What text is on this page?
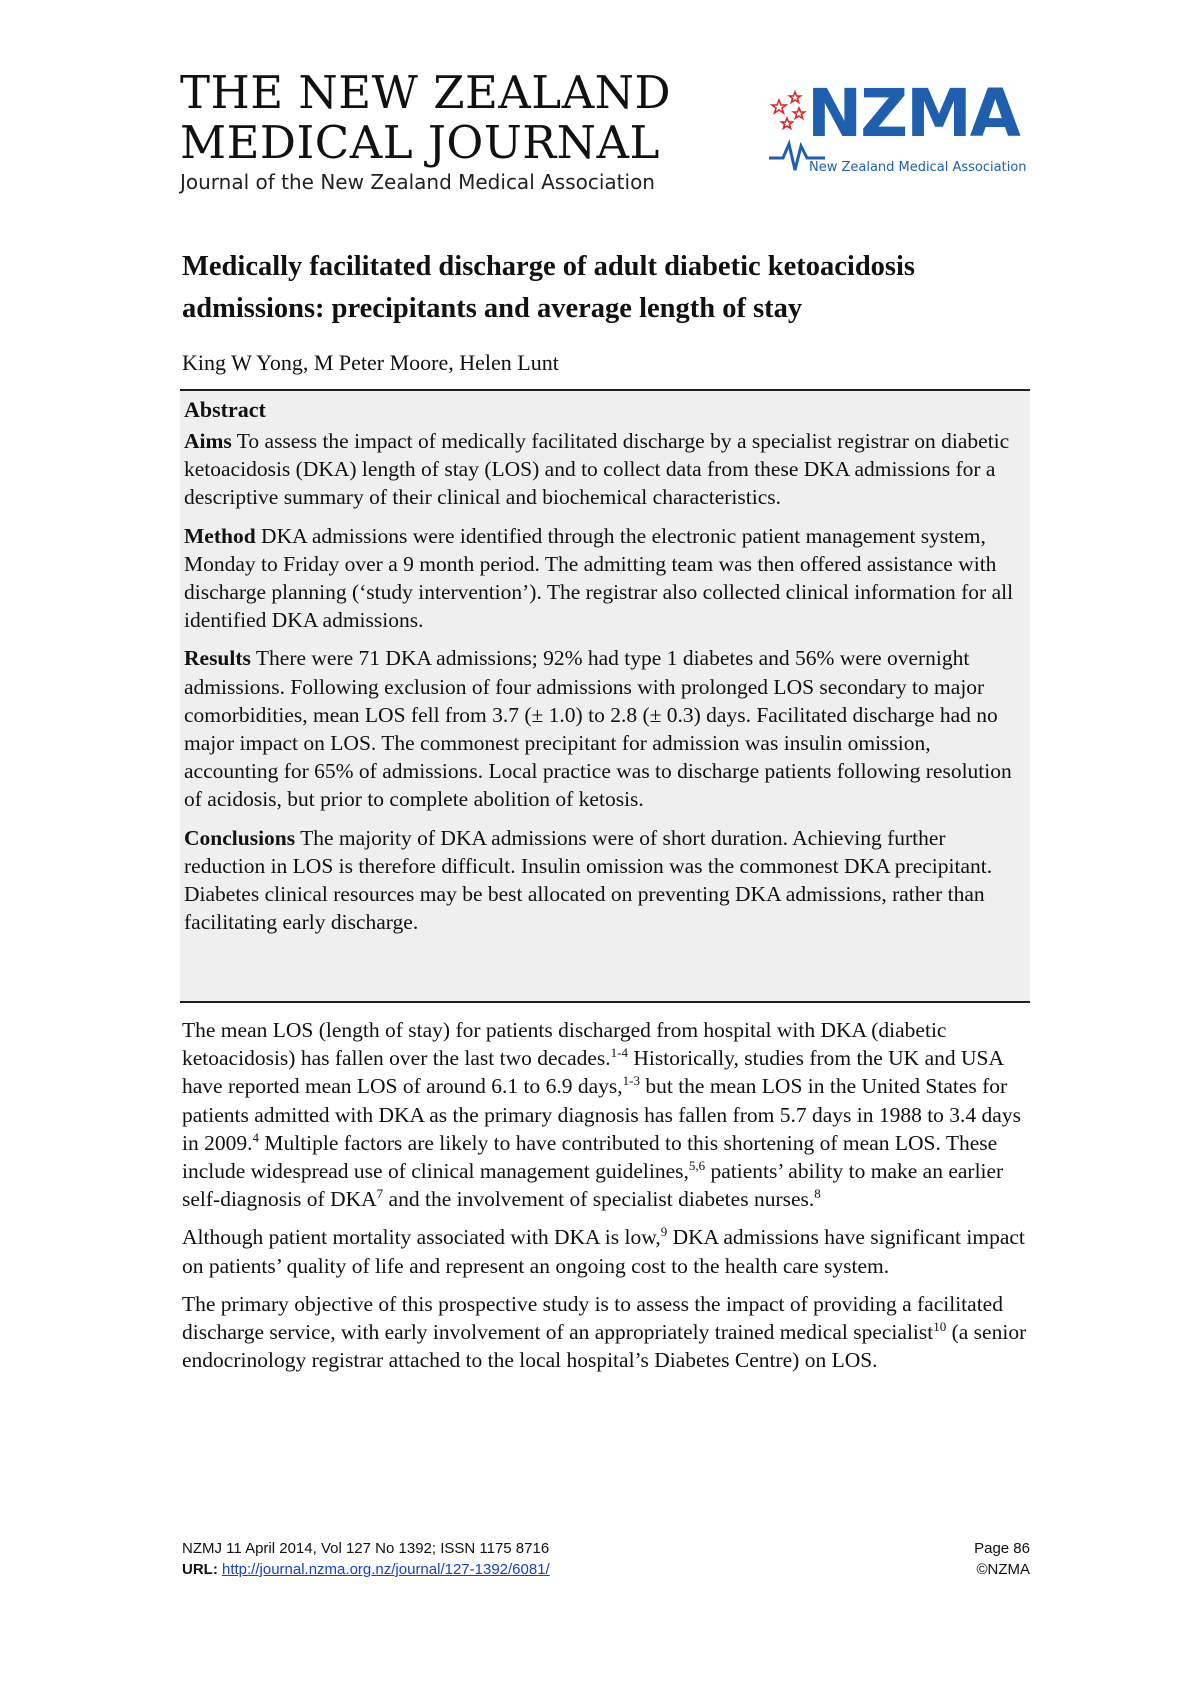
THE NEW ZEALAND
MEDICAL JOURNAL
Journal of the New Zealand Medical Association
NZMA
New Zealand Medical Association
Medically facilitated discharge of adult diabetic ketoacidosis admissions: precipitants and average length of stay
King W Yong, M Peter Moore, Helen Lunt

Abstract

Aims To assess the impact of medically facilitated discharge by a specialist registrar on diabetic ketoacidosis (DKA) length of stay (LOS) and to collect data from these DKA admissions for a descriptive summary of their clinical and biochemical characteristics.

Method DKA admissions were identified through the electronic patient management system, Monday to Friday over a 9 month period. The admitting team was then offered assistance with discharge planning (‘study intervention’). The registrar also collected clinical information for all identified DKA admissions.

Results There were 71 DKA admissions; 92% had type 1 diabetes and 56% were overnight admissions. Following exclusion of four admissions with prolonged LOS secondary to major comorbidities, mean LOS fell from 3.7 (± 1.0) to 2.8 (± 0.3) days. Facilitated discharge had no major impact on LOS. The commonest precipitant for admission was insulin omission, accounting for 65% of admissions. Local practice was to discharge patients following resolution of acidosis, but prior to complete abolition of ketosis.

Conclusions The majority of DKA admissions were of short duration. Achieving further reduction in LOS is therefore difficult. Insulin omission was the commonest DKA precipitant. Diabetes clinical resources may be best allocated on preventing DKA admissions, rather than facilitating early discharge.

The mean LOS (length of stay) for patients discharged from hospital with DKA (diabetic ketoacidosis) has fallen over the last two decades.$^{1-4}$ Historically, studies from the UK and USA have reported mean LOS of around 6.1 to 6.9 days,$^{1-3}$ but the mean LOS in the United States for patients admitted with DKA as the primary diagnosis has fallen from 5.7 days in 1988 to 3.4 days in 2009.$^4$ Multiple factors are likely to have contributed to this shortening of mean LOS. These include widespread use of clinical management guidelines,$^{5,6}$ patients’ ability to make an earlier self-diagnosis of DKA$^7$ and the involvement of specialist diabetes nurses.$^8$

Although patient mortality associated with DKA is low,$^9$ DKA admissions have significant impact on patients’ quality of life and represent an ongoing cost to the health care system.

The primary objective of this prospective study is to assess the impact of providing a facilitated discharge service, with early involvement of an appropriately trained medical specialist$^{10}$ (a senior endocrinology registrar attached to the local hospital’s Diabetes Centre) on LOS.

NZMJ 11 April 2014, Vol 127 No 1392; ISSN 1175 8716	Page 86
URL: http://journal.nzma.org.nz/journal/127-1392/6081/	©NZMA
